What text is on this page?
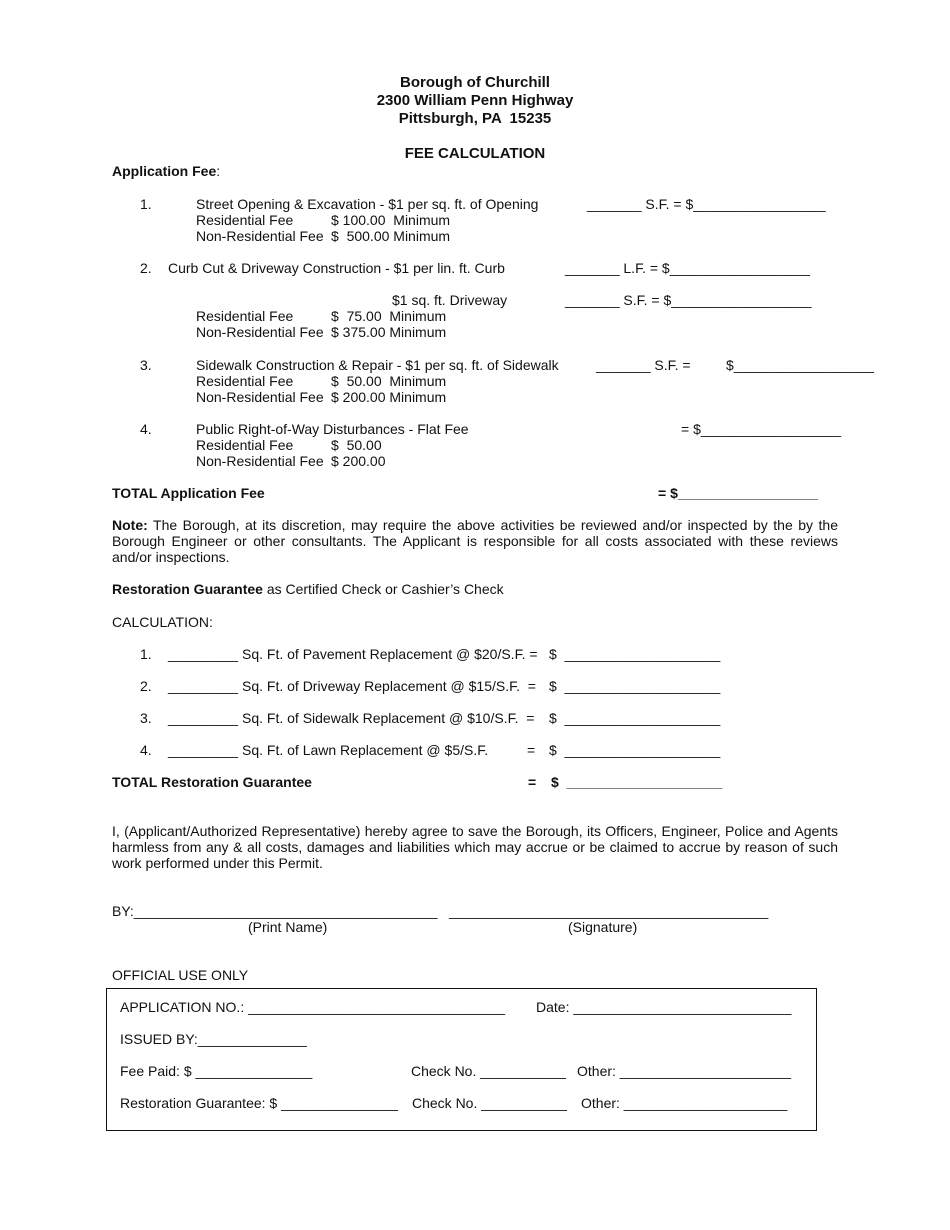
Borough of Churchill
2300 William Penn Highway
Pittsburgh, PA  15235
FEE CALCULATION
Application Fee:
1.	Street Opening & Excavation - $1 per sq. ft. of Opening	_______ S.F. = $_________________
Residential Fee	$ 100.00  Minimum
Non-Residential Fee $  500.00 Minimum
2. Curb Cut & Driveway Construction - $1 per lin. ft. Curb	_______ L.F. = $__________________
$1 sq. ft. Driveway	_______ S.F. = $__________________
Residential Fee	$  75.00  Minimum
Non-Residential Fee $ 375.00 Minimum
3.	Sidewalk Construction & Repair - $1 per sq. ft. of Sidewalk	_______ S.F. =	$__________________
Residential Fee	$  50.00  Minimum
Non-Residential Fee $ 200.00 Minimum
4.	Public Right-of-Way Disturbances - Flat Fee	= $__________________
Residential Fee	$  50.00
Non-Residential Fee $ 200.00
TOTAL Application Fee	= $__________________
Note: The Borough, at its discretion, may require the above activities be reviewed and/or inspected by the by the Borough Engineer or other consultants. The Applicant is responsible for all costs associated with these reviews and/or inspections.
Restoration Guarantee as Certified Check or Cashier’s Check
CALCULATION:
1. _________ Sq. Ft. of Pavement Replacement @ $20/S.F. = $  ____________________
2. _________ Sq. Ft. of Driveway Replacement @ $15/S.F.  = $  ____________________
3. _________ Sq. Ft. of Sidewalk Replacement @ $10/S.F.  = $  ____________________
4. _________ Sq. Ft. of Lawn Replacement @ $5/S.F.	= $  ____________________
TOTAL Restoration Guarantee	= $  ____________________
I, (Applicant/Authorized Representative) hereby agree to save the Borough, its Officers, Engineer, Police and Agents harmless from any & all costs, damages and liabilities which may accrue or be claimed to accrue by reason of such work performed under this Permit.
BY:_______________________________________ _________________________________________
(Print Name)	(Signature)
OFFICIAL USE ONLY
APPLICATION NO.: _________________________________ Date: ____________________________
ISSUED BY:______________
Fee Paid: $ _______________	Check No. ___________ Other: ______________________
Restoration Guarantee: $ _______________ Check No. ___________ Other: _____________________
